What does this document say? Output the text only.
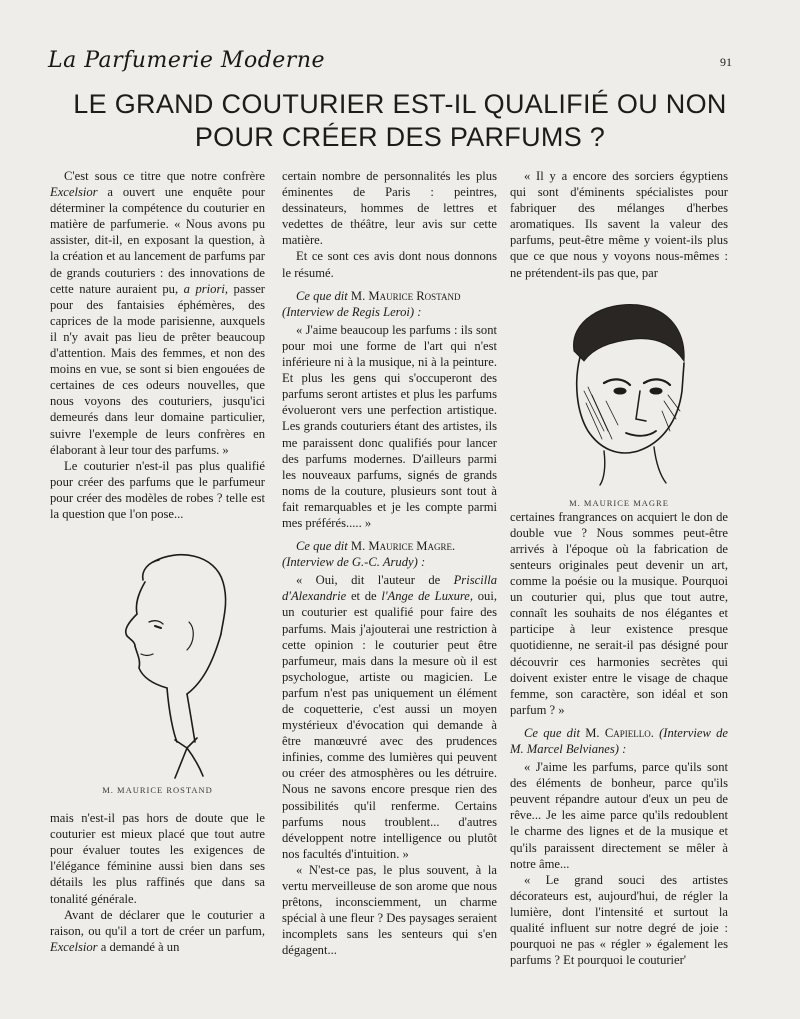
La Parfumerie Moderne	91
LE GRAND COUTURIER EST-IL QUALIFIÉ OU NON
POUR CRÉER DES PARFUMS ?

C'est sous ce titre que notre confrère Excelsior a ouvert une enquête pour déterminer la compétence du couturier en matière de parfumerie. « Nous avons pu assister, dit-il, en exposant la question, à la création et au lancement de parfums par de grands couturiers : des innovations de cette nature auraient pu, a priori, passer pour des fantaisies éphémères, des caprices de la mode parisienne, auxquels il n'y avait pas lieu de prêter beaucoup d'attention. Mais des femmes, et non des moins en vue, se sont si bien engouées de certaines de ces odeurs nouvelles, que nous voyons des couturiers, jusqu'ici demeurés dans leur domaine particulier, suivre l'exemple de leurs confrères en élaborant à leur tour des parfums. »

Le couturier n'est-il pas plus qualifié pour créer des parfums que le parfumeur pour créer des modèles de robes ? telle est la question que l'on pose...

M. MAURICE ROSTAND

mais n'est-il pas hors de doute que le couturier est mieux placé que tout autre pour évaluer toutes les exigences de l'élégance féminine aussi bien dans ses détails les plus raffinés que dans sa tonalité générale.

Avant de déclarer que le couturier a raison, ou qu'il a tort de créer un parfum, Excelsior a demandé à un

certain nombre de personnalités les plus éminentes de Paris : peintres, dessinateurs, hommes de lettres et vedettes de théâtre, leur avis sur cette matière.

Et ce sont ces avis dont nous donnons le résumé.

Ce que dit M. Maurice Rostand
(Interview de Regis Leroi) :

« J'aime beaucoup les parfums : ils sont pour moi une forme de l'art qui n'est inférieure ni à la musique, ni à la peinture. Et plus les gens qui s'occuperont des parfums seront artistes et plus les parfums évolueront vers une perfection artistique. Les grands couturiers étant des artistes, ils me paraissent donc qualifiés pour lancer des parfums modernes. D'ailleurs parmi les nouveaux parfums, signés de grands noms de la couture, plusieurs sont tout à fait remarquables et je les compte parmi mes préférés..... »

Ce que dit M. Maurice Magre.
(Interview de G.-C. Arudy) :

« Oui, dit l'auteur de Priscilla d'Alexandrie et de l'Ange de Luxure, oui, un couturier est qualifié pour faire des parfums. Mais j'ajouterai une restriction à cette opinion : le couturier peut être parfumeur, mais dans la mesure où il est psychologue, artiste ou magicien. Le parfum n'est pas uniquement un élément de coquetterie, c'est aussi un moyen mystérieux d'évocation qui demande à être manœuvré avec des prudences infinies, comme des lumières qui peuvent ou créer des atmosphères ou les détruire. Nous ne savons encore presque rien des possibilités qu'il renferme. Certains parfums nous troublent... d'autres développent notre intelligence ou plutôt nos facultés d'intuition. »

« N'est-ce pas, le plus souvent, à la vertu merveilleuse de son arome que nous prêtons, inconsciemment, un charme spécial à une fleur ? Des paysages seraient incomplets sans les senteurs qui s'en dégagent...

« Il y a encore des sorciers égyptiens qui sont d'éminents spécialistes pour fabriquer des mélanges d'herbes aromatiques. Ils savent la valeur des parfums, peut-être même y voient-ils plus que ce que nous y voyons nous-mêmes : ne prétendent-ils pas que, par

M. MAURICE MAGRE

certaines frangrances on acquiert le don de double vue ? Nous sommes peut-être arrivés à l'époque où la fabrication de senteurs originales peut devenir un art, comme la poésie ou la musique. Pourquoi un couturier qui, plus que tout autre, connaît les souhaits de nos élégantes et participe à leur existence presque quotidienne, ne serait-il pas désigné pour découvrir ces harmonies secrètes qui doivent exister entre le visage de chaque femme, son caractère, son idéal et son parfum ? »

Ce que dit M. Capiello. (Interview de M. Marcel Belvianes) :

« J'aime les parfums, parce qu'ils sont des éléments de bonheur, parce qu'ils peuvent répandre autour d'eux un peu de rêve... Je les aime parce qu'ils redoublent le charme des lignes et de la musique et qu'ils paraissent directement se mêler à notre âme...

« Le grand souci des artistes décorateurs est, aujourd'hui, de régler la lumière, dont l'intensité et surtout la qualité influent sur notre degré de joie : pourquoi ne pas « régler » également les parfums ? Et pourquoi le couturier'
